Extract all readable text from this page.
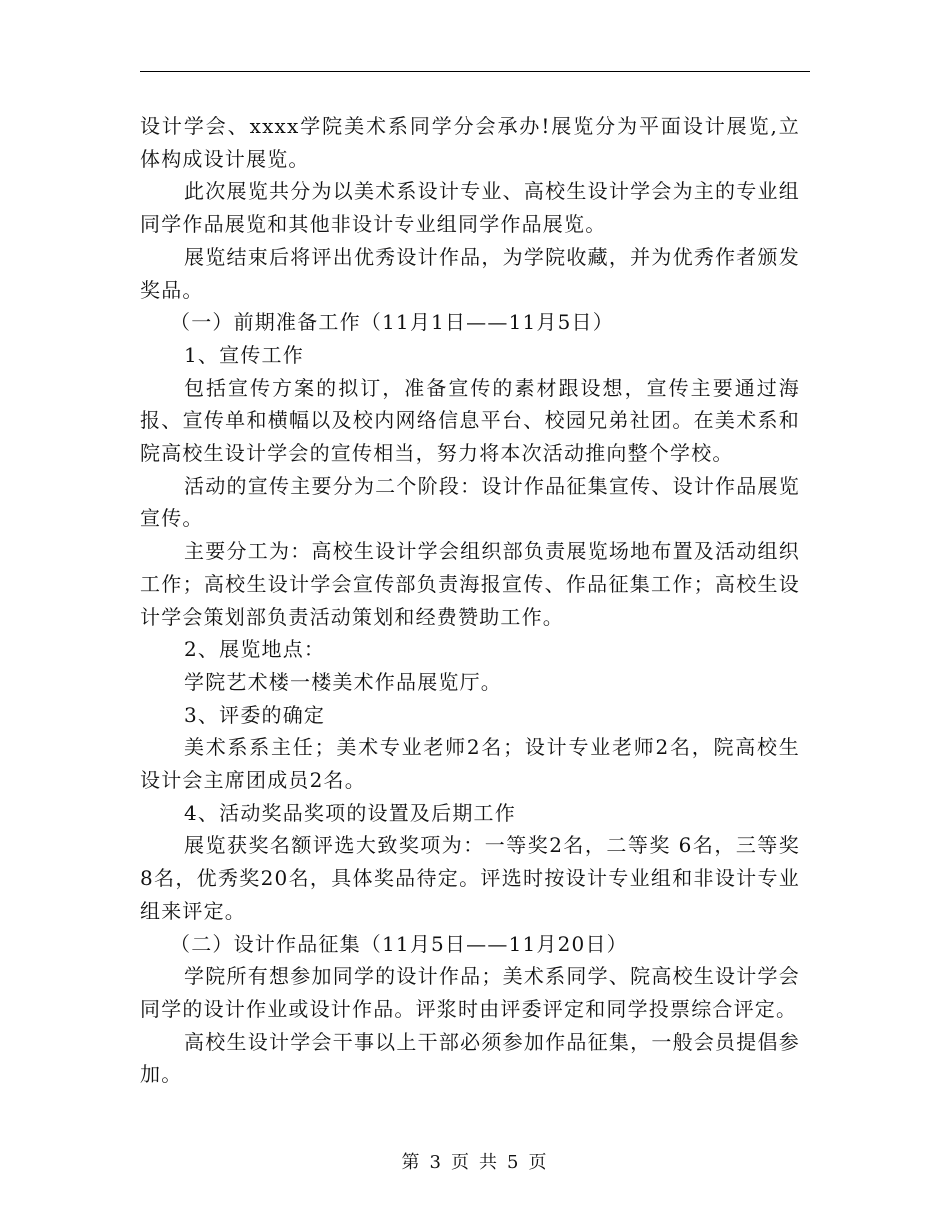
设计学会、xxxx学院美术系同学分会承办!展览分为平面设计展览,立体构成设计展览。

此次展览共分为以美术系设计专业、高校生设计学会为主的专业组同学作品展览和其他非设计专业组同学作品展览。

展览结束后将评出优秀设计作品，为学院收藏，并为优秀作者颁发奖品。

（一）前期准备工作（11月1日——11月5日）

1、宣传工作

包括宣传方案的拟订，准备宣传的素材跟设想，宣传主要通过海报、宣传单和横幅以及校内网络信息平台、校园兄弟社团。在美术系和院高校生设计学会的宣传相当，努力将本次活动推向整个学校。

活动的宣传主要分为二个阶段：设计作品征集宣传、设计作品展览宣传。

主要分工为：高校生设计学会组织部负责展览场地布置及活动组织工作；高校生设计学会宣传部负责海报宣传、作品征集工作；高校生设计学会策划部负责活动策划和经费赞助工作。

2、展览地点：

学院艺术楼一楼美术作品展览厅。

3、评委的确定

美术系系主任；美术专业老师2名；设计专业老师2名，院高校生设计会主席团成员2名。

4、活动奖品奖项的设置及后期工作

展览获奖名额评选大致奖项为：一等奖2名，二等奖 6名，三等奖8名，优秀奖20名，具体奖品待定。评选时按设计专业组和非设计专业组来评定。

（二）设计作品征集（11月5日——11月20日）

学院所有想参加同学的设计作品；美术系同学、院高校生设计学会同学的设计作业或设计作品。评浆时由评委评定和同学投票综合评定。

高校生设计学会干事以上干部必须参加作品征集，一般会员提倡参加。

第 3 页 共 5 页
